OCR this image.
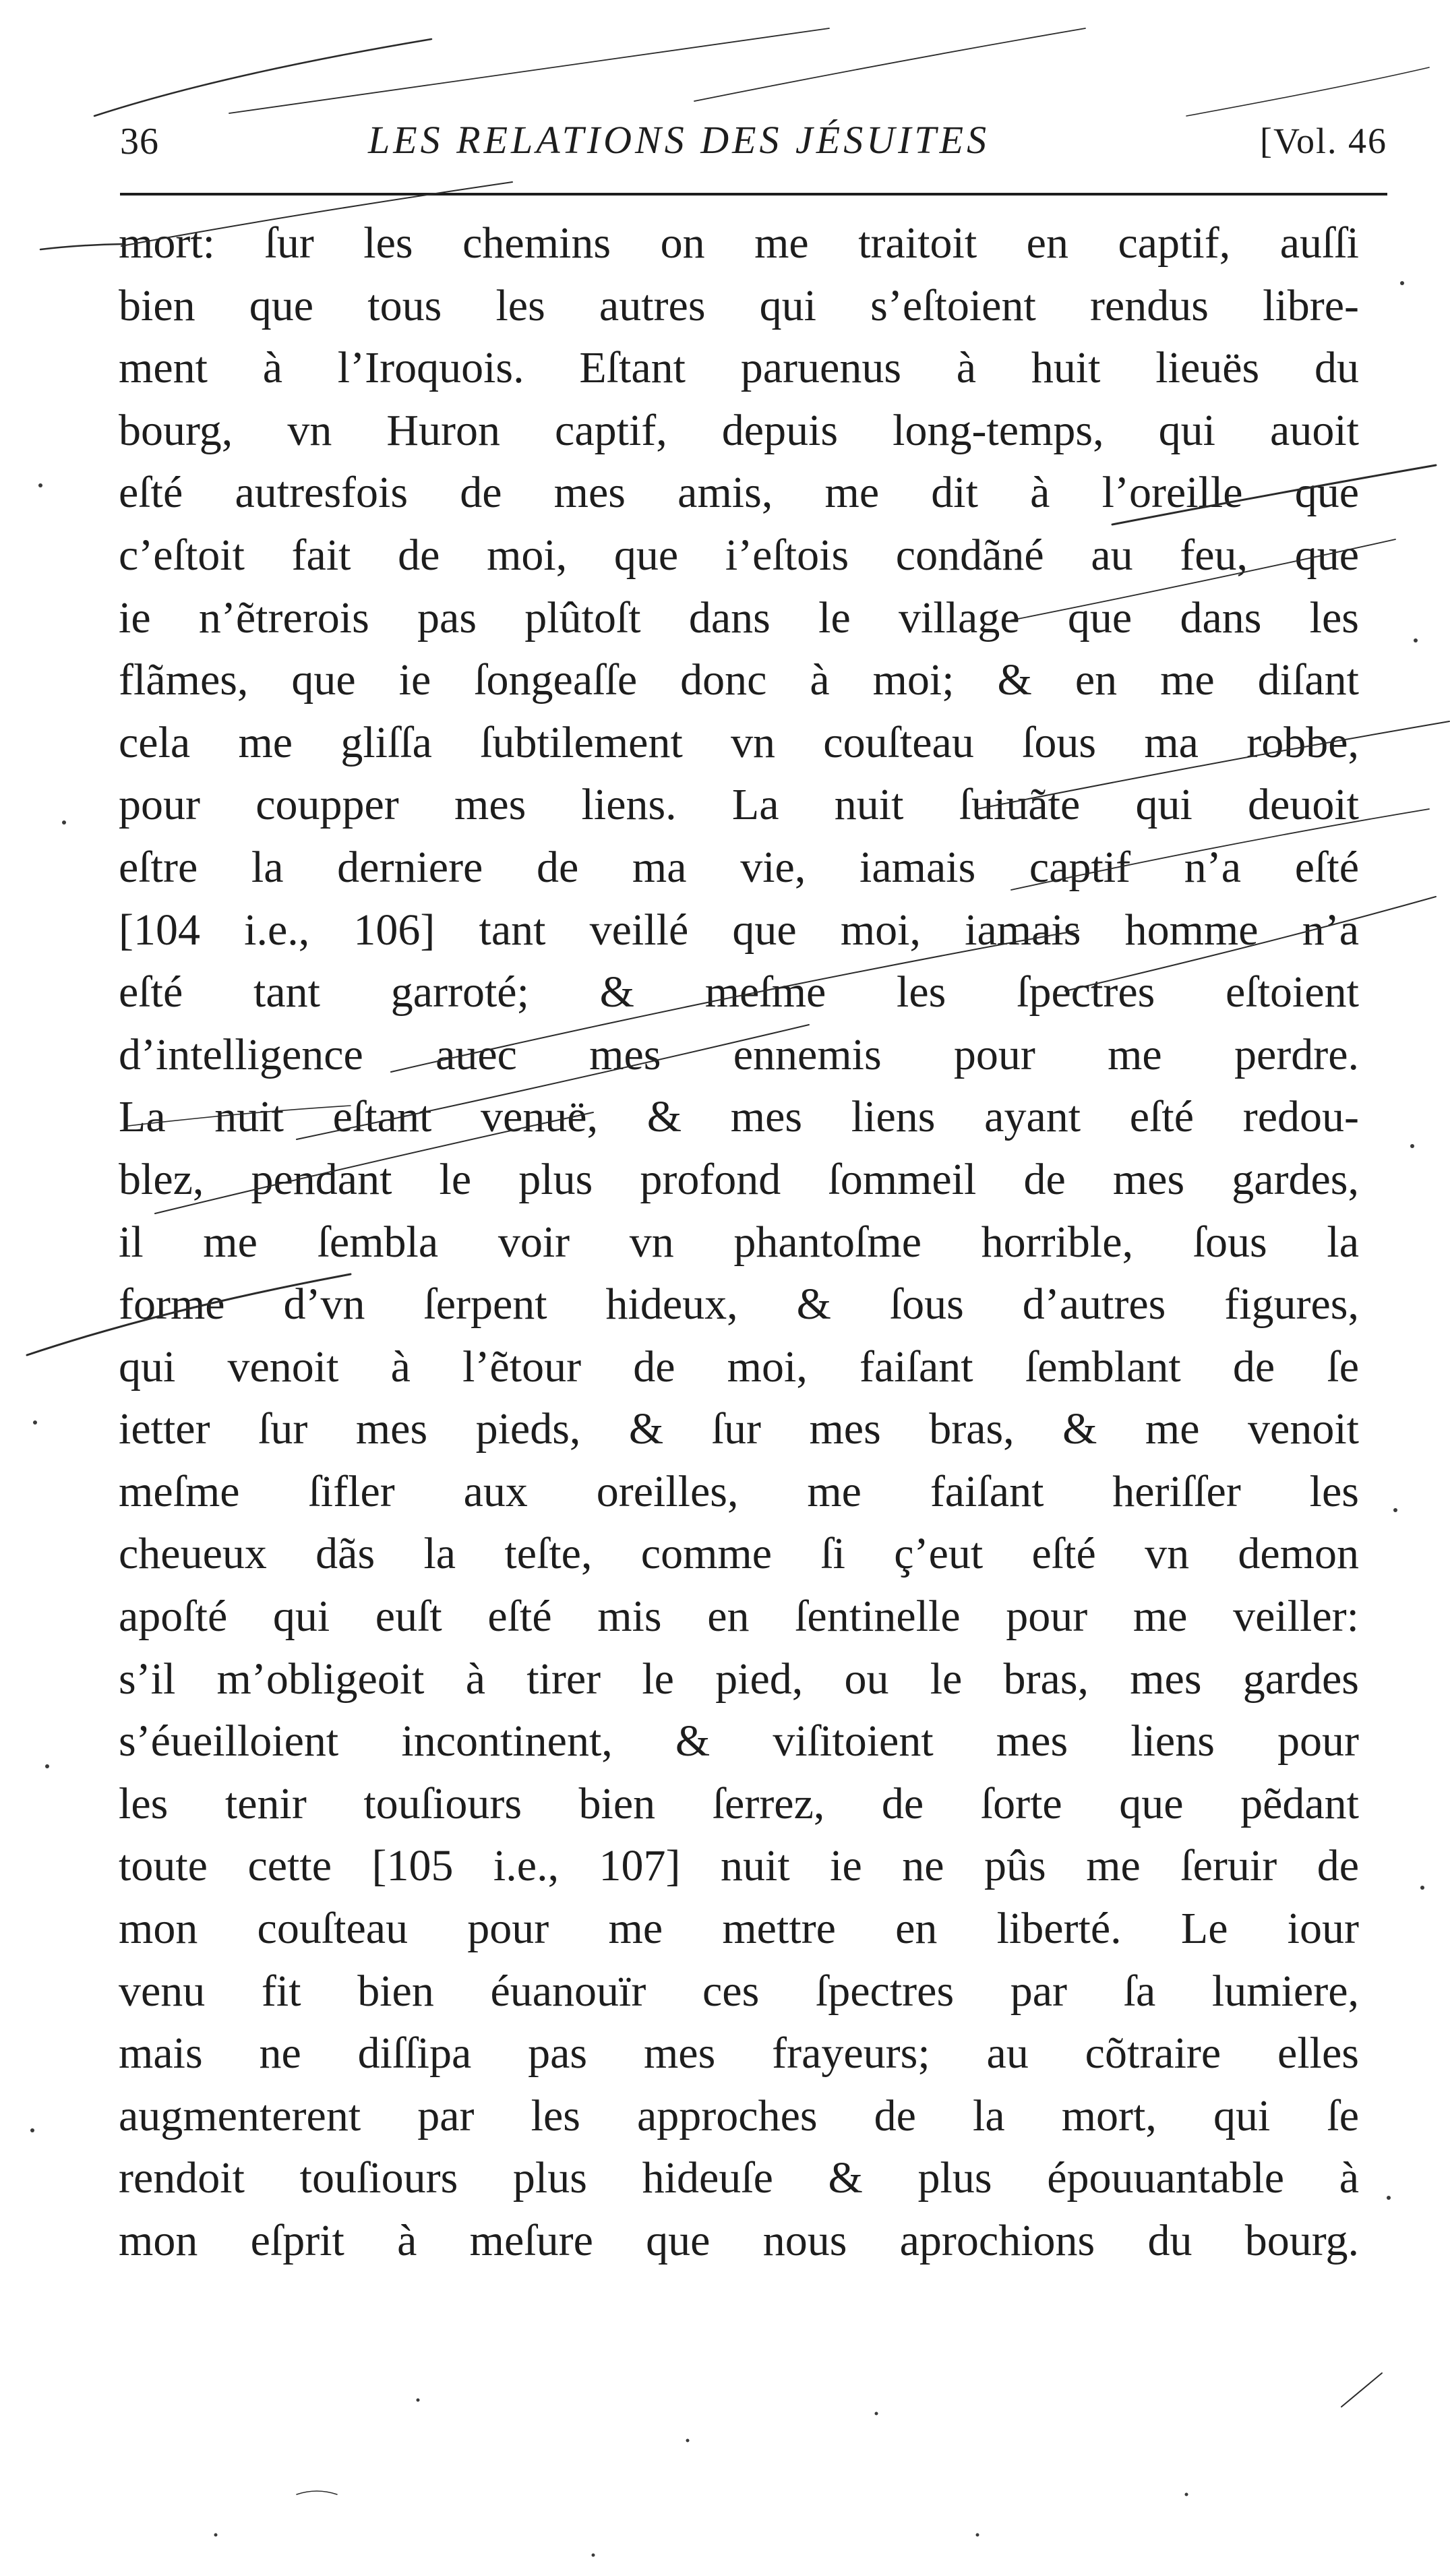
36	LES RELATIONS DES JÉSUITES	[Vol. 46
mort: ſur les chemins on me traitoit en captif, auſſi
bien que tous les autres qui s’eſtoient rendus libre-
ment à l’Iroquois. Eſtant paruenus à huit lieuës du
bourg, vn Huron captif, depuis long-temps, qui auoit
eſté autresfois de mes amis, me dit à l’oreille que
c’eſtoit fait de moi, que i’eſtois condãné au feu, que
ie n’ẽtrerois pas plûtoſt dans le village que dans les
flãmes, que ie ſongeaſſe donc à moi; & en me diſant
cela me gliſſa ſubtilement vn couſteau ſous ma robbe,
pour coupper mes liens. La nuit ſuiuãte qui deuoit
eſtre la derniere de ma vie, iamais captif n’a eſté
[104 i.e., 106] tant veillé que moi, iamais homme n’a
eſté tant garroté; & meſme les ſpectres eſtoient
d’intelligence auec mes ennemis pour me perdre.
La nuit eſtant venuë, & mes liens ayant eſté redou-
blez, pendant le plus profond ſommeil de mes gardes,
il me ſembla voir vn phantoſme horrible, ſous la
forme d’vn ſerpent hideux, & ſous d’autres figures,
qui venoit à l’ẽtour de moi, faiſant ſemblant de ſe
ietter ſur mes pieds, & ſur mes bras, & me venoit
meſme ſifler aux oreilles, me faiſant heriſſer les
cheueux dãs la teſte, comme ſi ç’eut eſté vn demon
apoſté qui euſt eſté mis en ſentinelle pour me veiller:
s’il m’obligeoit à tirer le pied, ou le bras, mes gardes
s’éueilloient incontinent, & viſitoient mes liens pour
les tenir touſiours bien ſerrez, de ſorte que pẽdant
toute cette [105 i.e., 107] nuit ie ne pûs me ſeruir de
mon couſteau pour me mettre en liberté. Le iour
venu fit bien éuanouïr ces ſpectres par ſa lumiere,
mais ne diſſipa pas mes frayeurs; au cõtraire elles
augmenterent par les approches de la mort, qui ſe
rendoit touſiours plus hideuſe & plus épouuantable à
mon eſprit à meſure que nous aprochions du bourg.
